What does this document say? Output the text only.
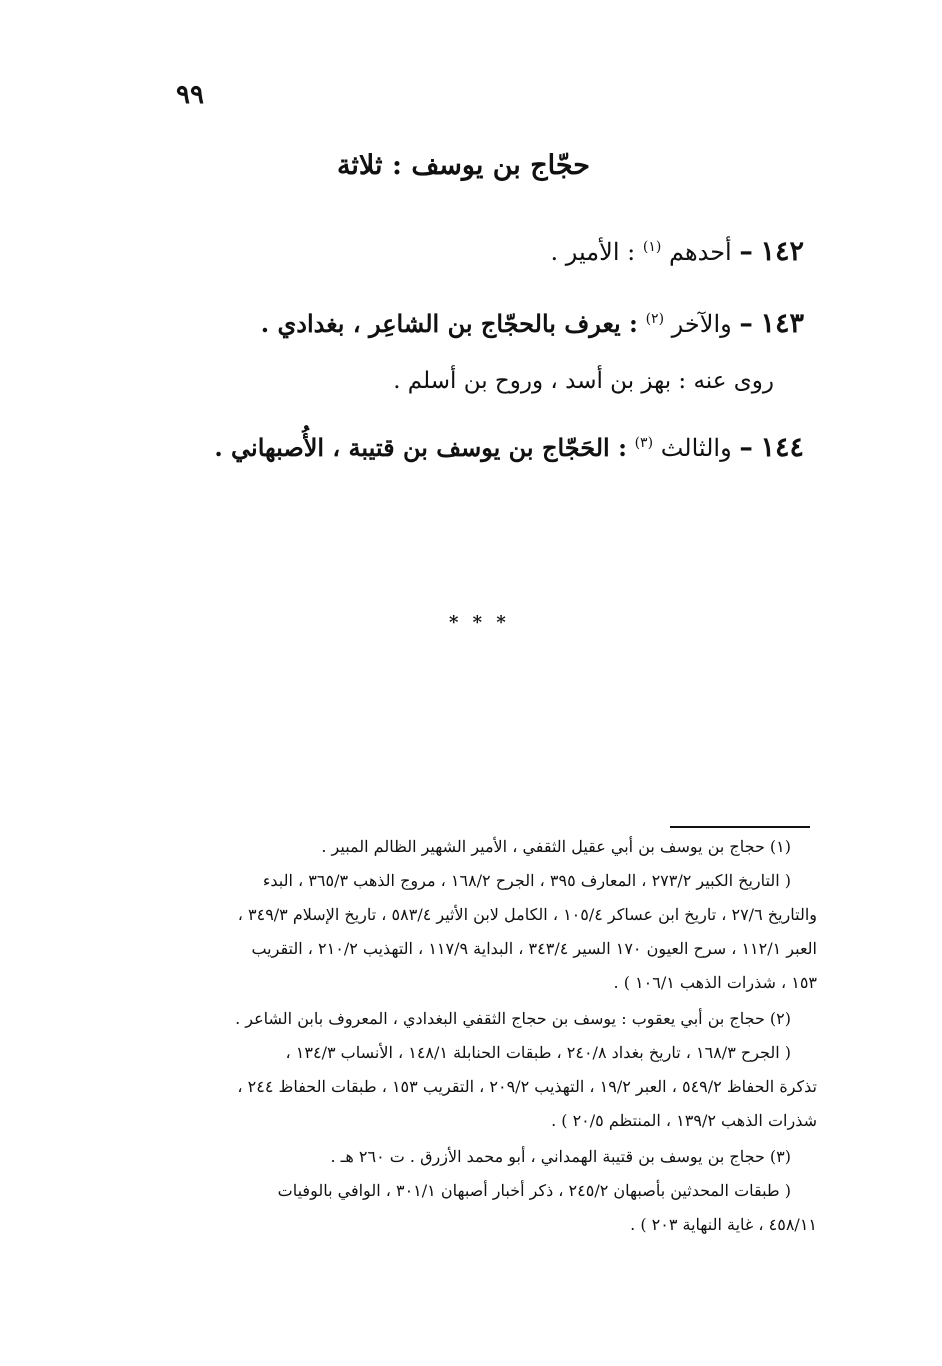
٩٩
حجّاج بن يوسف : ثلاثة
١٤٢ – أحدهم $^{(١)}$ : الأمير .
١٤٣ – والآخر $^{(٢)}$ : يعرف بالحجّاج بن الشاعِر ، بغدادي .
روى عنه : بهز بن أسد ، وروح بن أسلم .
١٤٤ – والثالث $^{(٣)}$ : الحَجّاج بن يوسف بن قتيبة ، الأُصبهاني .
* * *
(١) حجاج بن يوسف بن أبي عقيل الثقفي ، الأمير الشهير الظالم المبير .
( التاريخ الكبير ٢٧٣/٢ ، المعارف ٣٩٥ ، الجرح ١٦٨/٢ ، مروج الذهب ٣٦٥/٣ ، البدء
والتاريخ ٢٧/٦ ، تاريخ ابن عساكر ١٠٥/٤ ، الكامل لابن الأثير ٥٨٣/٤ ، تاريخ الإسلام ٣٤٩/٣ ،
العبر ١١٢/١ ، سرح العيون ١٧٠ السير ٣٤٣/٤ ، البداية ١١٧/٩ ، التهذيب ٢١٠/٢ ، التقريب
١٥٣ ، شذرات الذهب ١٠٦/١ ) .
(٢) حجاج بن أبي يعقوب : يوسف بن حجاج الثقفي البغدادي ، المعروف بابن الشاعر .
( الجرح ١٦٨/٣ ، تاريخ بغداد ٢٤٠/٨ ، طبقات الحنابلة ١٤٨/١ ، الأنساب ١٣٤/٣ ،
تذكرة الحفاظ ٥٤٩/٢ ، العبر ١٩/٢ ، التهذيب ٢٠٩/٢ ، التقريب ١٥٣ ، طبقات الحفاظ ٢٤٤ ،
شذرات الذهب ١٣٩/٢ ، المنتظم ٢٠/٥ ) .
(٣) حجاج بن يوسف بن قتيبة الهمداني ، أبو محمد الأزرق . ت ٢٦٠ هـ .
( طبقات المحدثين بأصبهان ٢٤٥/٢ ، ذكر أخبار أصبهان ٣٠١/١ ، الوافي بالوفيات
٤٥٨/١١ ، غاية النهاية ٢٠٣ ) .
